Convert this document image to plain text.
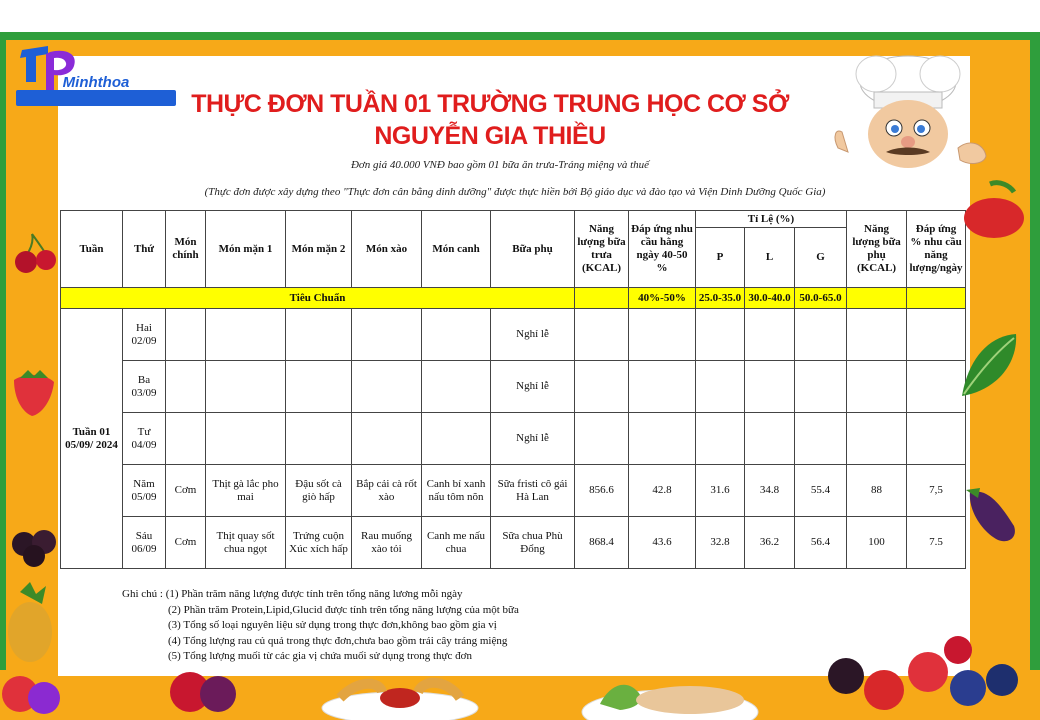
Minhthoa
THỰC ĐƠN TUẦN 01 TRƯỜNG TRUNG HỌC CƠ SỞ
NGUYỄN GIA THIỀU
Đơn giá 40.000 VNĐ bao gồm 01 bữa ăn trưa-Tráng miệng và thuế
(Thực đơn được xây dựng theo "Thực đơn cân bằng dinh dưỡng" được thực hiền bởi Bộ giáo dục và đào tạo và Viện Dinh Dưỡng Quốc Gia)
Tuần	Thứ	Món chính	Món mặn 1	Món mặn 2	Món xào	Món canh	Bữa phụ	Năng lượng bữa trưa (KCAL)	Đáp ứng nhu cầu hằng ngày 40-50 %	Tỉ Lệ (%)			Năng lượng bữa phụ (KCAL)	Đáp ứng % nhu cầu năng lượng/ngày
										P	L	G		
Tiêu Chuẩn									40%-50%	25.0-35.0	30.0-40.0	50.0-65.0		
Tuần 01 05/09/ 2024	Hai 02/09						Nghỉ lễ							
	Ba 03/09						Nghỉ lễ							
	Tư 04/09						Nghỉ lễ							
	Năm 05/09	Cơm	Thịt gà lắc pho mai	Đậu sốt cà giò hấp	Bắp cải cà rốt xào	Canh bí xanh nấu tôm nõn	Sữa fristi cô gái Hà Lan	856.6	42.8	31.6	34.8	55.4	88	7,5
	Sáu 06/09	Cơm	Thịt quay sốt chua ngọt	Trứng cuộn Xúc xích hấp	Rau muống xào tỏi	Canh me nấu chua	Sữa chua Phù Đổng	868.4	43.6	32.8	36.2	56.4	100	7.5
Ghi chú : (1) Phần trăm năng lượng được tính trên tổng năng lương mỗi ngày
(2) Phần trăm Protein,Lipid,Glucid được tính trên tổng năng lượng của một bữa
(3) Tổng số loại nguyên liệu sử dụng trong thực đơn,không bao gồm gia vị
(4) Tổng lượng rau củ quả trong thực đơn,chưa bao gồm trái cây tráng miệng
(5) Tổng lượng muối từ các gia vị chứa muối sử dụng trong thực đơn
